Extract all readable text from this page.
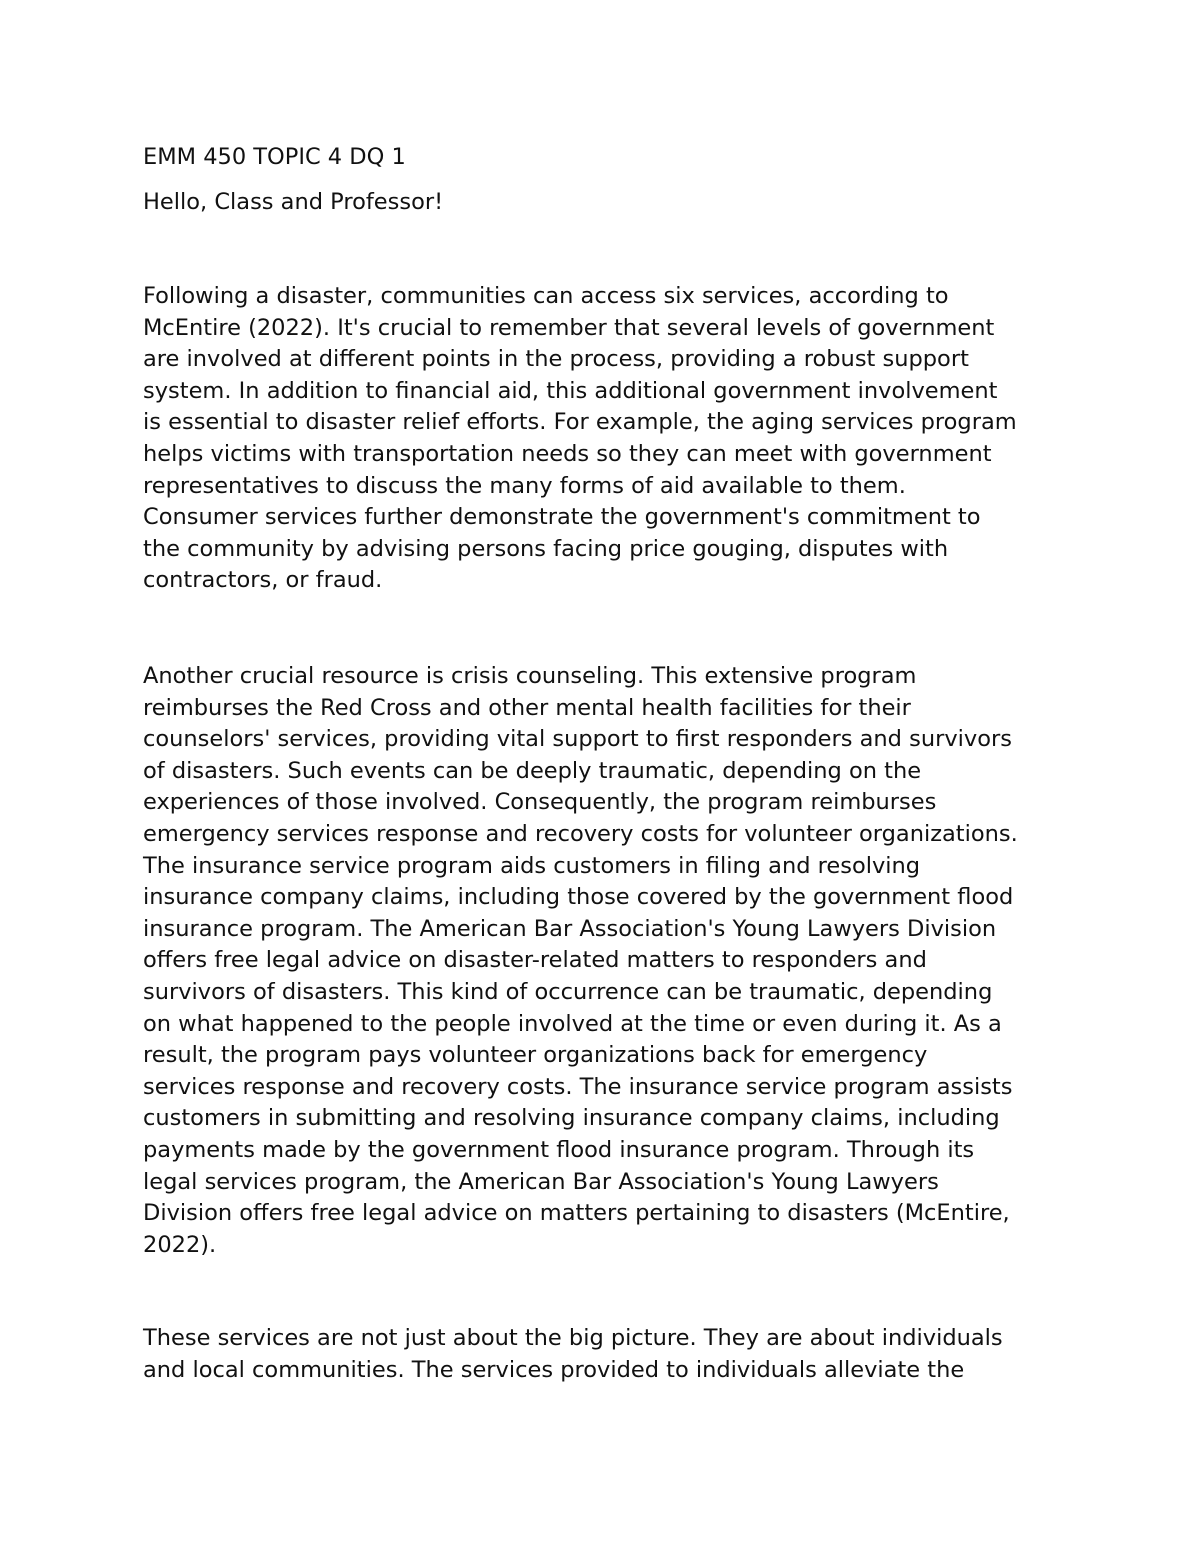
EMM 450 TOPIC 4 DQ 1

Hello, Class and Professor!

Following a disaster, communities can access six services, according to
McEntire (2022). It's crucial to remember that several levels of government
are involved at different points in the process, providing a robust support
system. In addition to financial aid, this additional government involvement
is essential to disaster relief efforts. For example, the aging services program
helps victims with transportation needs so they can meet with government
representatives to discuss the many forms of aid available to them.
Consumer services further demonstrate the government's commitment to
the community by advising persons facing price gouging, disputes with
contractors, or fraud.
Another crucial resource is crisis counseling. This extensive program
reimburses the Red Cross and other mental health facilities for their
counselors' services, providing vital support to first responders and survivors
of disasters. Such events can be deeply traumatic, depending on the
experiences of those involved. Consequently, the program reimburses
emergency services response and recovery costs for volunteer organizations.
The insurance service program aids customers in filing and resolving
insurance company claims, including those covered by the government flood
insurance program. The American Bar Association's Young Lawyers Division
offers free legal advice on disaster-related matters to responders and
survivors of disasters. This kind of occurrence can be traumatic, depending
on what happened to the people involved at the time or even during it. As a
result, the program pays volunteer organizations back for emergency
services response and recovery costs. The insurance service program assists
customers in submitting and resolving insurance company claims, including
payments made by the government flood insurance program. Through its
legal services program, the American Bar Association's Young Lawyers
Division offers free legal advice on matters pertaining to disasters (McEntire,
2022).
These services are not just about the big picture. They are about individuals
and local communities. The services provided to individuals alleviate the
